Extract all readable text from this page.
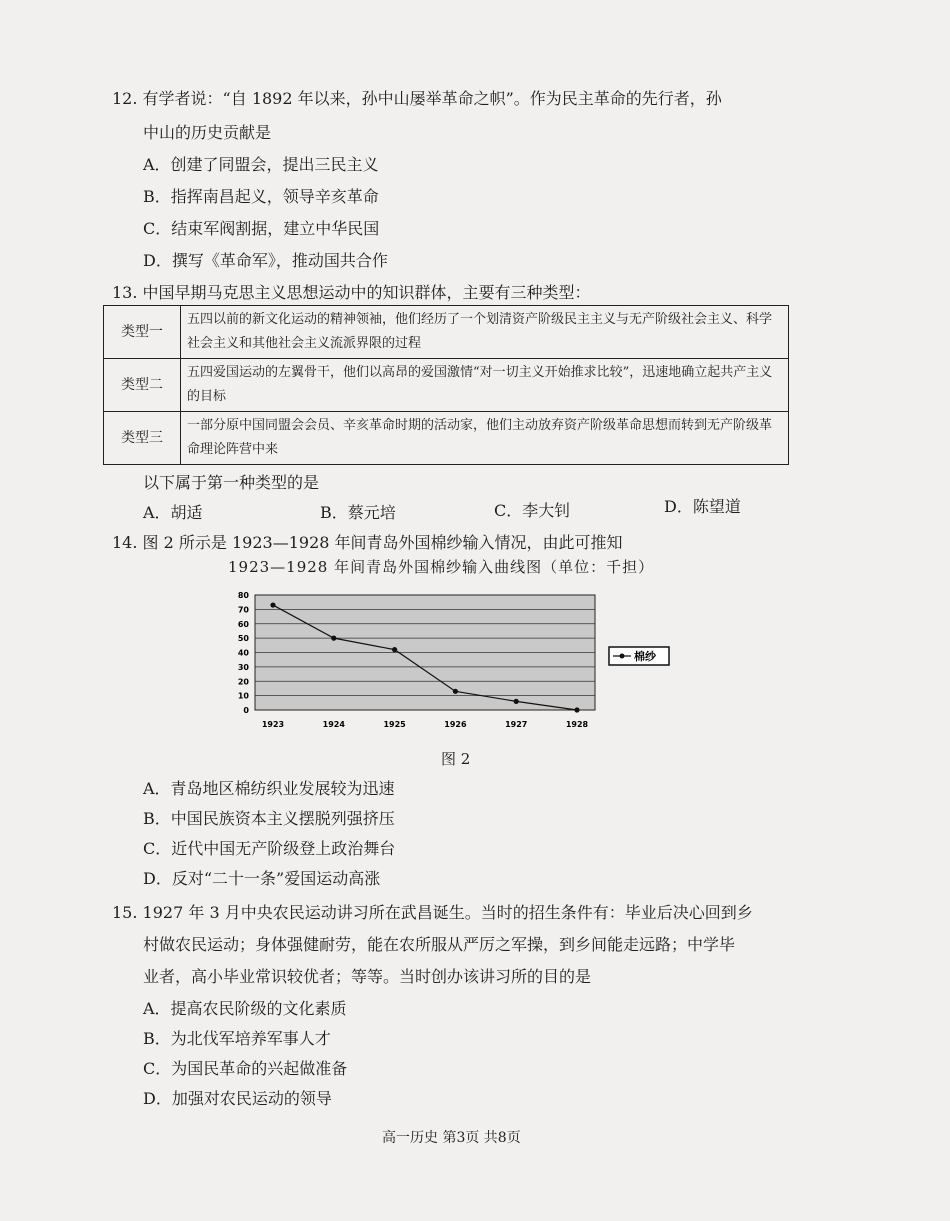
12. 有学者说：“自 1892 年以来，孙中山屡举革命之帜”。作为民主革命的先行者，孙
中山的历史贡献是
A．创建了同盟会，提出三民主义
B．指挥南昌起义，领导辛亥革命
C．结束军阀割据，建立中华民国
D．撰写《革命军》，推动国共合作
13. 中国早期马克思主义思想运动中的知识群体，主要有三种类型：
类型一	五四以前的新文化运动的精神领袖，他们经历了一个划清资产阶级民主主义与无产阶级社会主义、科学社会主义和其他社会主义流派界限的过程
类型二	五四爱国运动的左翼骨干，他们以高昂的爱国激情“对一切主义开始推求比较”，迅速地确立起共产主义的目标
类型三	一部分原中国同盟会会员、辛亥革命时期的活动家，他们主动放弃资产阶级革命思想而转到无产阶级革命理论阵营中来
以下属于第一种类型的是
A．胡适	B．蔡元培	C．李大钊	D．陈望道
14. 图 2 所示是 1923—1928 年间青岛外国棉纱输入情况，由此可推知
1923—1928 年间青岛外国棉纱输入曲线图（单位：千担）
0
10
20
30
40
50
60
70
80
1923	1924	1925	1926	1927	1928
棉纱
图 2
A．青岛地区棉纺织业发展较为迅速
B．中国民族资本主义摆脱列强挤压
C．近代中国无产阶级登上政治舞台
D．反对“二十一条”爱国运动高涨
15. 1927 年 3 月中央农民运动讲习所在武昌诞生。当时的招生条件有：毕业后决心回到乡
村做农民运动；身体强健耐劳，能在农所服从严厉之军操，到乡间能走远路；中学毕
业者，高小毕业常识较优者；等等。当时创办该讲习所的目的是
A．提高农民阶级的文化素质
B．为北伐军培养军事人才
C．为国民革命的兴起做准备
D．加强对农民运动的领导
高一历史 第3页 共8页
